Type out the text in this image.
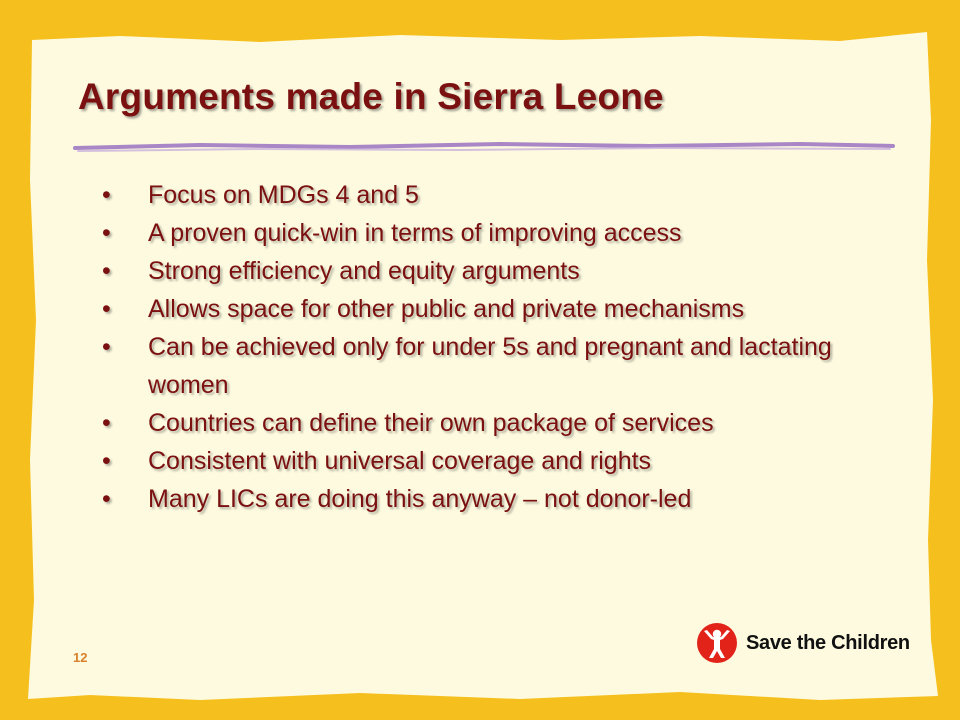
Arguments made in Sierra Leone
•	Focus on MDGs 4 and 5
•	A proven quick-win in terms of improving access
•	Strong efficiency and equity arguments
•	Allows space for other public and private mechanisms
•	Can be achieved only for under 5s and pregnant and lactating women
•	Countries can define their own package of services
•	Consistent with universal coverage and rights
•	Many LICs are doing this anyway – not donor-led
12
Save the Children
